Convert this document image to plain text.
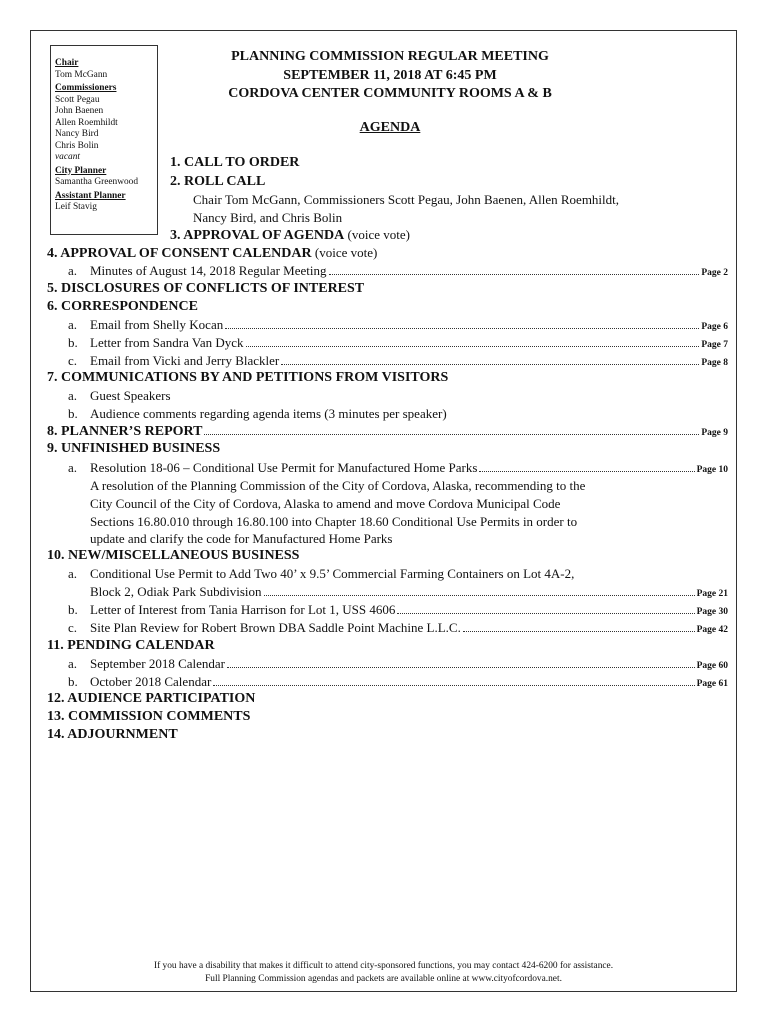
Chair
Tom McGann
Commissioners
Scott Pegau
John Baenen
Allen Roemhildt
Nancy Bird
Chris Bolin
vacant
City Planner
Samantha Greenwood
Assistant Planner
Leif Stavig
PLANNING COMMISSION REGULAR MEETING
SEPTEMBER 11, 2018 AT 6:45 PM
CORDOVA CENTER COMMUNITY ROOMS A & B
AGENDA
1. CALL TO ORDER
2. ROLL CALL
Chair Tom McGann, Commissioners Scott Pegau, John Baenen, Allen Roemhildt,
Nancy Bird, and Chris Bolin
3. APPROVAL OF AGENDA (voice vote)
4. APPROVAL OF CONSENT CALENDAR (voice vote)
a. Minutes of August 14, 2018 Regular Meeting	Page 2
5. DISCLOSURES OF CONFLICTS OF INTEREST
6. CORRESPONDENCE
a. Email from Shelly Kocan	Page 6
b. Letter from Sandra Van Dyck	Page 7
c. Email from Vicki and Jerry Blackler	Page 8
7. COMMUNICATIONS BY AND PETITIONS FROM VISITORS
a. Guest Speakers
b. Audience comments regarding agenda items (3 minutes per speaker)
8. PLANNER’S REPORT	Page 9
9. UNFINISHED BUSINESS
a. Resolution 18-06 – Conditional Use Permit for Manufactured Home Parks	Page 10
A resolution of the Planning Commission of the City of Cordova, Alaska, recommending to the
City Council of the City of Cordova, Alaska to amend and move Cordova Municipal Code
Sections 16.80.010 through 16.80.100 into Chapter 18.60 Conditional Use Permits in order to
update and clarify the code for Manufactured Home Parks
10. NEW/MISCELLANEOUS BUSINESS
a. Conditional Use Permit to Add Two 40’ x 9.5’ Commercial Farming Containers on Lot 4A-2,
Block 2, Odiak Park Subdivision	Page 21
b. Letter of Interest from Tania Harrison for Lot 1, USS 4606	Page 30
c. Site Plan Review for Robert Brown DBA Saddle Point Machine L.L.C.	Page 42
11. PENDING CALENDAR
a. September 2018 Calendar	Page 60
b. October 2018 Calendar	Page 61
12. AUDIENCE PARTICIPATION
13. COMMISSION COMMENTS
14. ADJOURNMENT
If you have a disability that makes it difficult to attend city-sponsored functions, you may contact 424-6200 for assistance.
Full Planning Commission agendas and packets are available online at www.cityofcordova.net.
